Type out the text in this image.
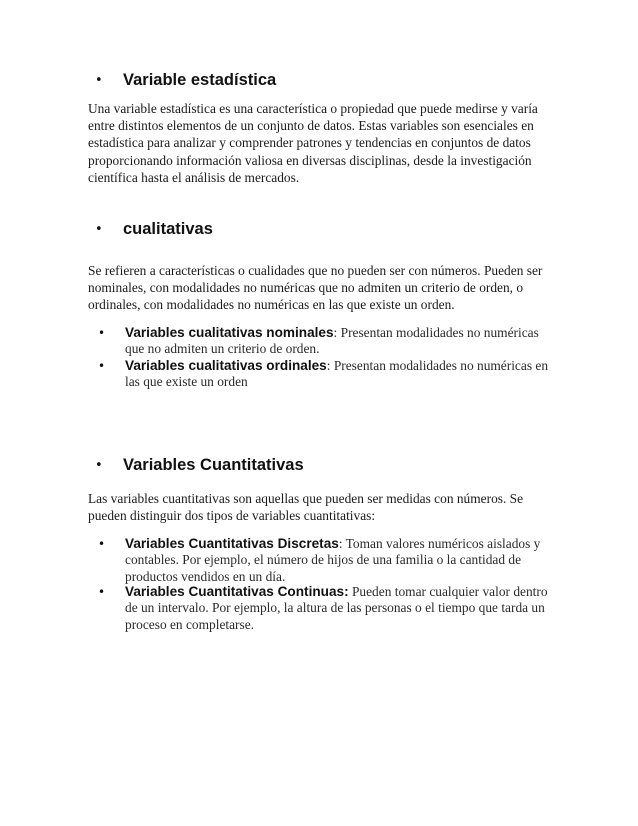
• Variable estadística

Una variable estadística es una característica o propiedad que puede medirse y varía entre distintos elementos de un conjunto de datos. Estas variables son esenciales en estadística para analizar y comprender patrones y tendencias en conjuntos de datos proporcionando información valiosa en diversas disciplinas, desde la investigación científica hasta el análisis de mercados.

• cualitativas

Se refieren a características o cualidades que no pueden ser con números. Pueden ser nominales, con modalidades no numéricas que no admiten un criterio de orden, o ordinales, con modalidades no numéricas en las que existe un orden.

• Variables cualitativas nominales: Presentan modalidades no numéricas que no admiten un criterio de orden.
• Variables cualitativas ordinales: Presentan modalidades no numéricas en las que existe un orden
• Variables Cuantitativas

Las variables cuantitativas son aquellas que pueden ser medidas con números. Se pueden distinguir dos tipos de variables cuantitativas:

• Variables Cuantitativas Discretas: Toman valores numéricos aislados y contables. Por ejemplo, el número de hijos de una familia o la cantidad de productos vendidos en un día.
• Variables Cuantitativas Continuas: Pueden tomar cualquier valor dentro de un intervalo. Por ejemplo, la altura de las personas o el tiempo que tarda un proceso en completarse.
